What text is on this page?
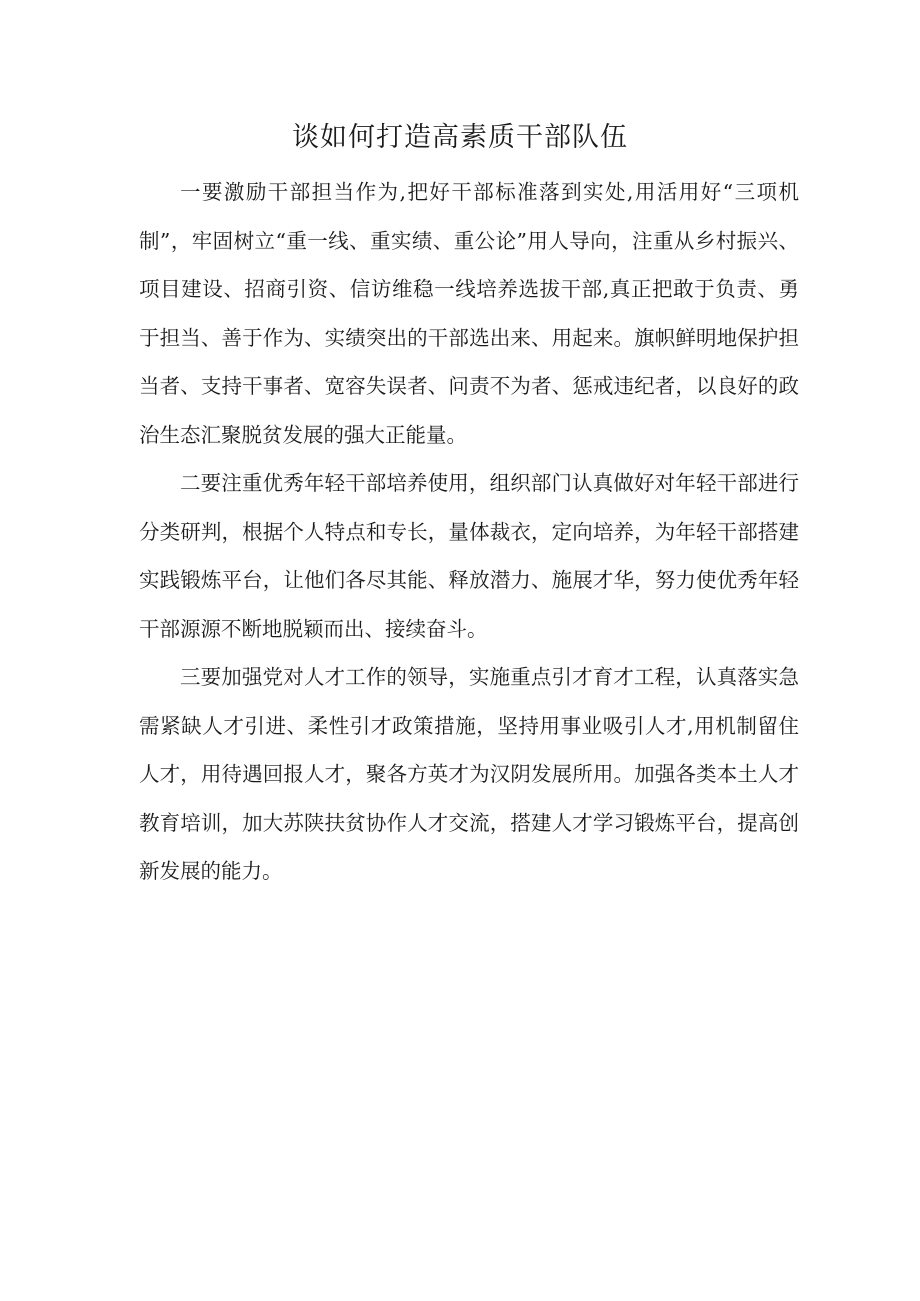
谈如何打造高素质干部队伍

一要激励干部担当作为,把好干部标准落到实处,用活用好“三项机制”，牢固树立“重一线、重实绩、重公论”用人导向，注重从乡村振兴、项目建设、招商引资、信访维稳一线培养选拔干部,真正把敢于负责、勇于担当、善于作为、实绩突出的干部选出来、用起来。旗帜鲜明地保护担当者、支持干事者、宽容失误者、问责不为者、惩戒违纪者，以良好的政治生态汇聚脱贫发展的强大正能量。

二要注重优秀年轻干部培养使用，组织部门认真做好对年轻干部进行分类研判，根据个人特点和专长，量体裁衣，定向培养，为年轻干部搭建实践锻炼平台，让他们各尽其能、释放潜力、施展才华，努力使优秀年轻干部源源不断地脱颖而出、接续奋斗。

三要加强党对人才工作的领导，实施重点引才育才工程，认真落实急需紧缺人才引进、柔性引才政策措施，坚持用事业吸引人才,用机制留住人才，用待遇回报人才，聚各方英才为汉阴发展所用。加强各类本土人才教育培训，加大苏陕扶贫协作人才交流，搭建人才学习锻炼平台，提高创新发展的能力。
